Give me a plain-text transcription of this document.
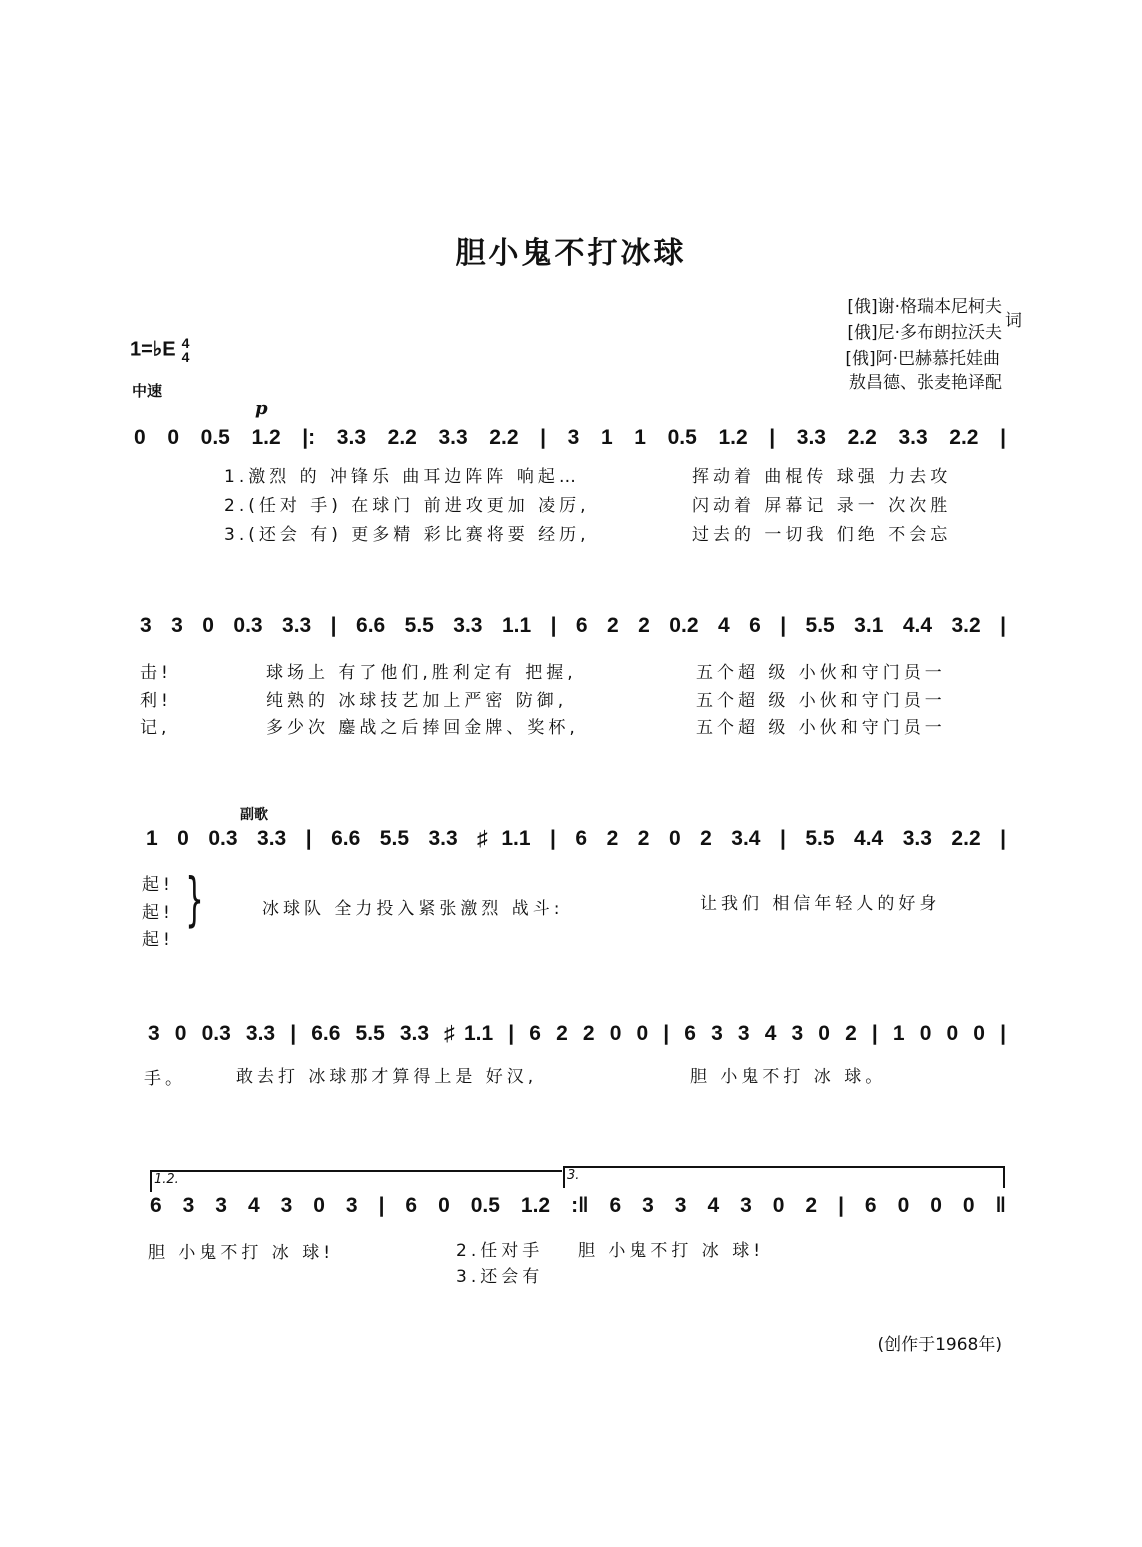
胆小鬼不打冰球
[俄]谢·格瑞本尼柯夫
[俄]尼·多布朗拉沃夫
词
[俄]阿·巴赫慕托娃曲
敖昌德、张麦艳译配
1=♭E 4
4
中速
p
0 0 0.5 1.2 |: 3.3 2.2 3.3 2.2 | 3 1 1 0.5 1.2 | 3.3 2.2 3.3 2.2 |
1.激烈 的 冲锋乐 曲耳边阵阵 响起…	挥动着 曲棍传 球强 力去攻
2.(任对 手) 在球门 前进攻更加 凌厉,	闪动着 屏幕记 录一 次次胜
3.(还会 有) 更多精 彩比赛将要 经历,	过去的 一切我 们绝 不会忘
3 3 0 0.3 3.3 | 6.6 5.5 3.3 1.1 | 6 2 2 0.2 4 6 | 5.5 3.1 4.4 3.2 |
击!	球场上 有了他们,胜利定有 把握,	五个超 级 小伙和守门员一
利!	纯熟的 冰球技艺加上严密 防御,	五个超 级 小伙和守门员一
记,	多少次 鏖战之后捧回金牌、奖杯,	五个超 级 小伙和守门员一
副歌
1 0 0.3 3.3 | 6.6 5.5 3.3 ♯1.1 | 6 2 2 0 2 3.4 | 5.5 4.4 3.3 2.2 |
起!
起!
起!
}	冰球队 全力投入紧张激烈 战斗:	让我们 相信年轻人的好身
3 0 0.3 3.3 | 6.6 5.5 3.3 ♯1.1 | 6 2 2 0 0 | 6 3 3 4 3 0 2 | 1 0 0 0 |
手。	敢去打 冰球那才算得上是 好汉,	胆 小鬼不打 冰 球。
1.2.	3.
6 3 3 4 3 0 3 | 6 0 0.5 1.2 :‖ 6 3 3 4 3 0 2 | 6 0 0 0 ‖
胆 小鬼不打 冰 球!	2.任对手 胆 小鬼不打 冰 球!
3.还会有
(创作于1968年)
